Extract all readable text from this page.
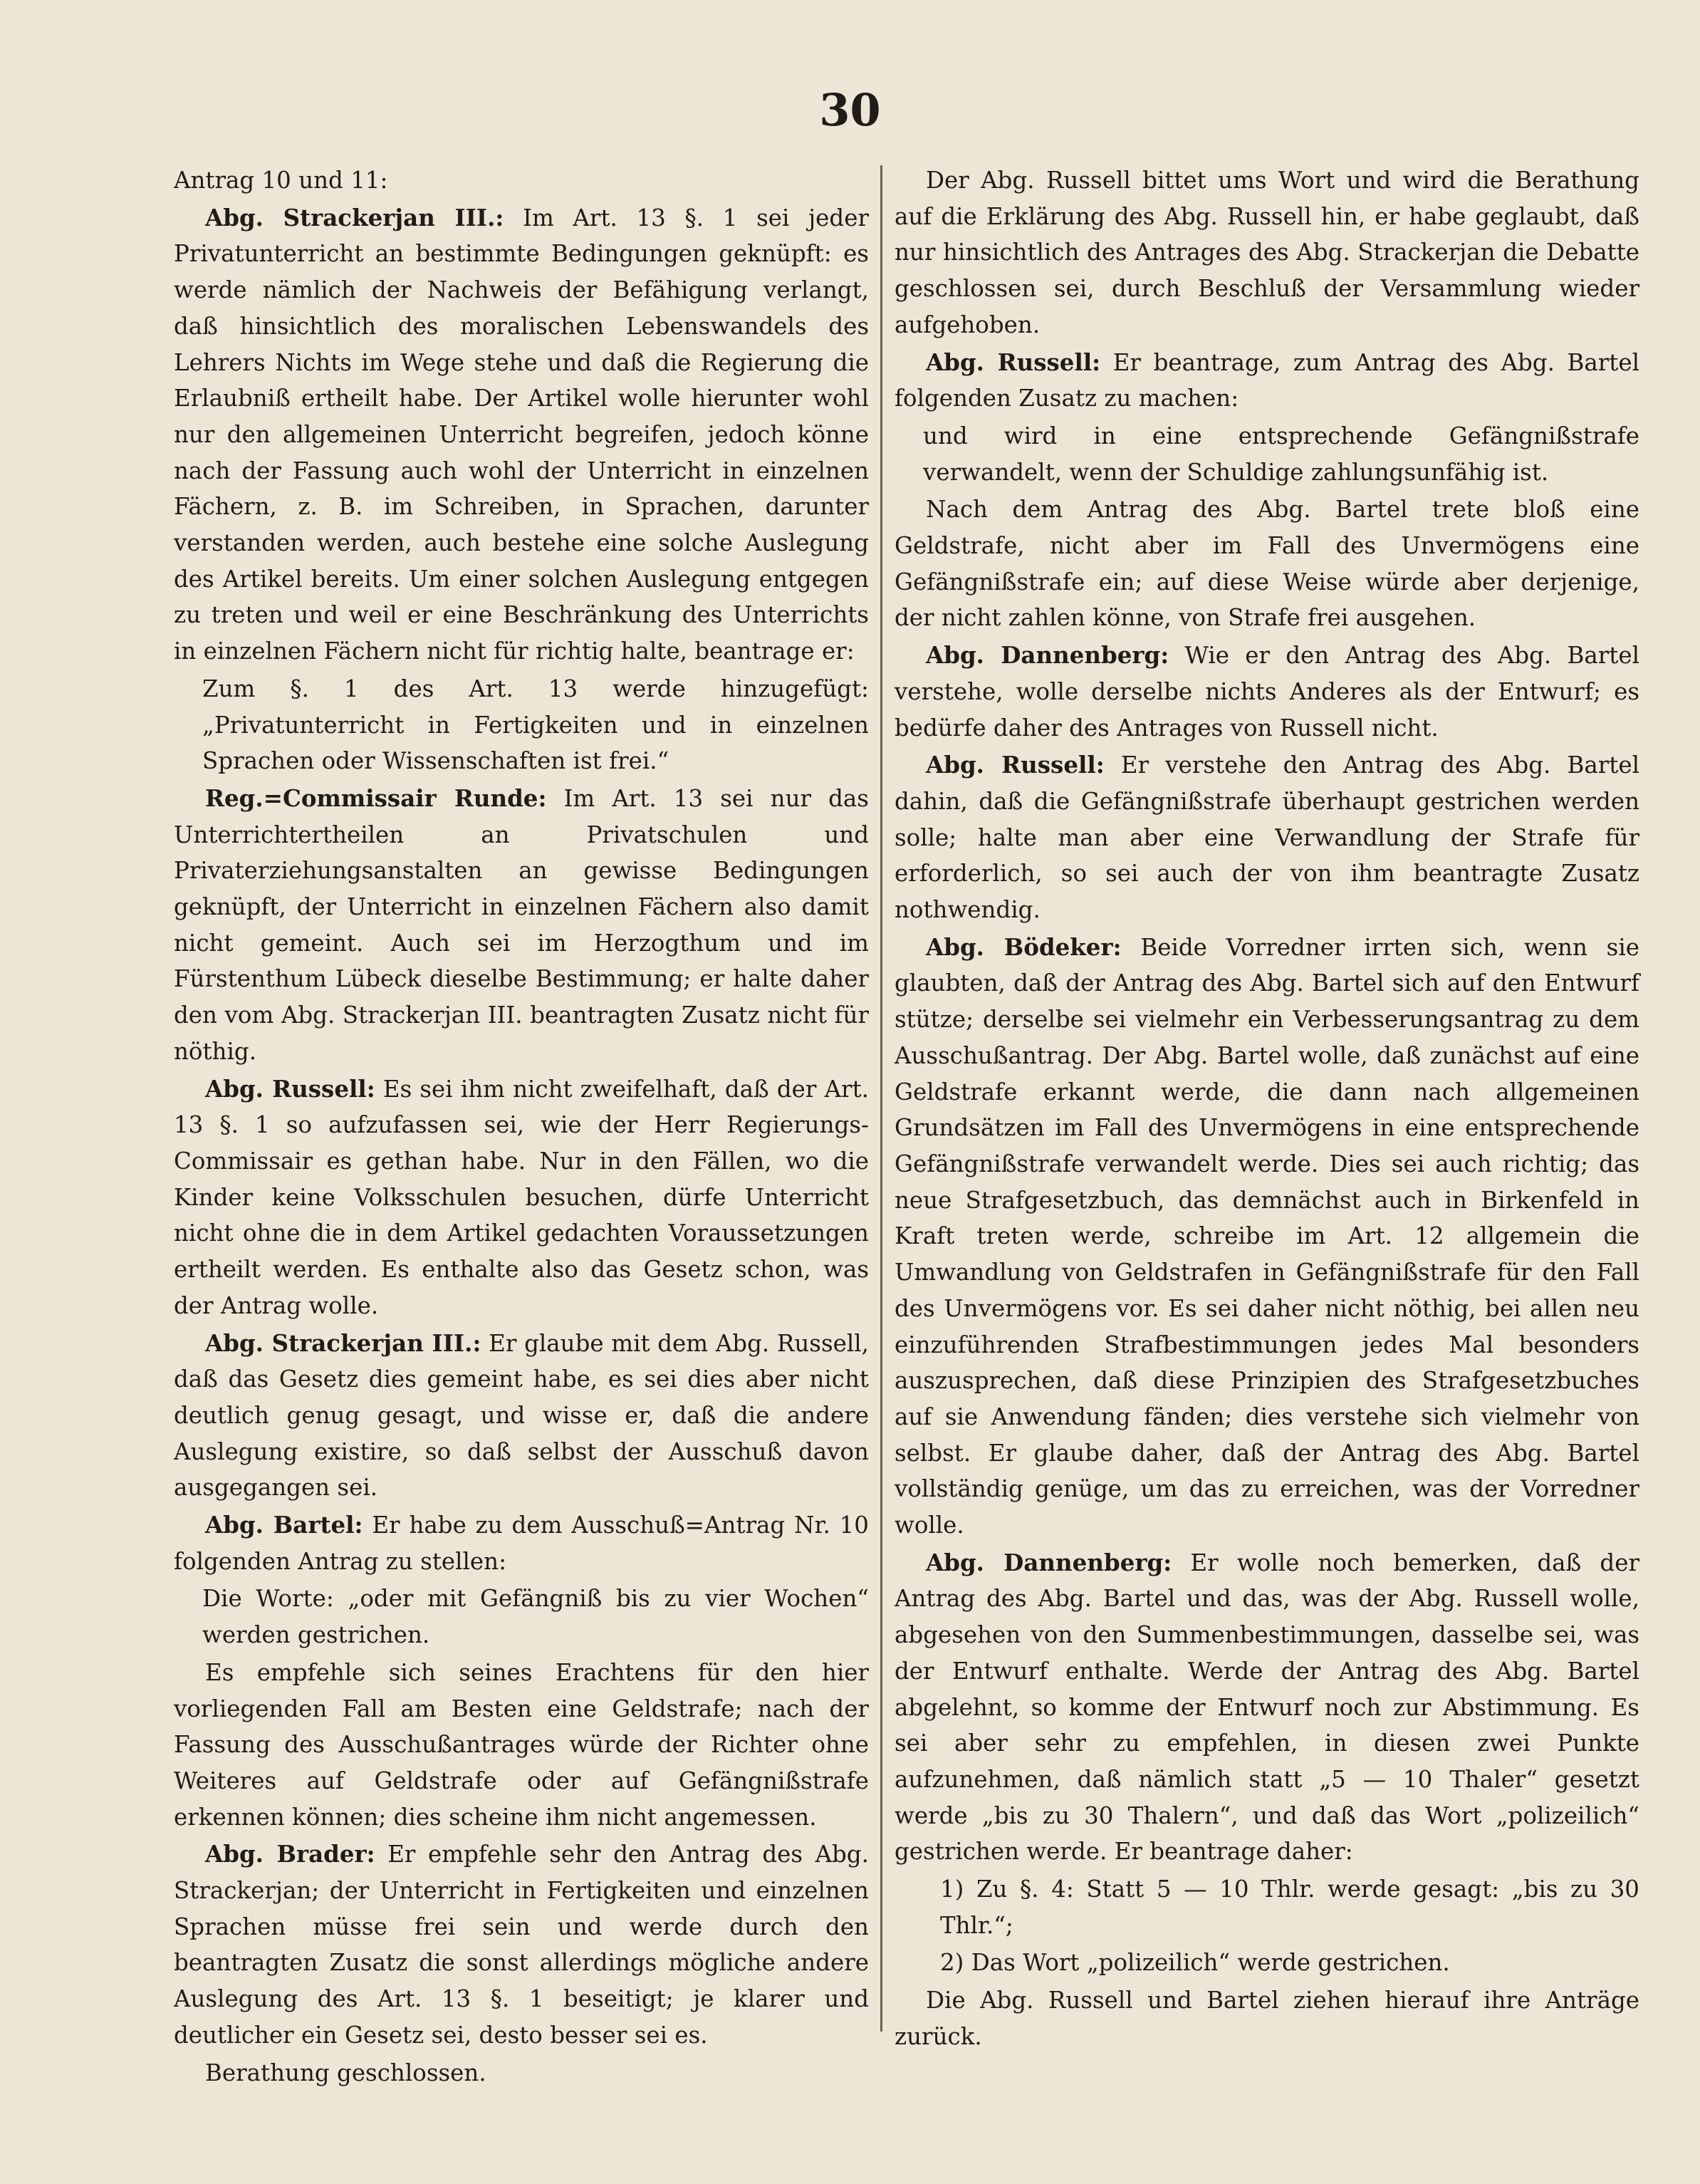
30

Antrag 10 und 11:

Abg. Strackerjan III.: Im Art. 13 §. 1 sei jeder Privatunterricht an bestimmte Bedingungen geknüpft: es werde nämlich der Nachweis der Befähigung verlangt, daß hinsichtlich des moralischen Lebenswandels des Lehrers Nichts im Wege stehe und daß die Regierung die Erlaubniß ertheilt habe. Der Artikel wolle hierunter wohl nur den allgemeinen Unterricht begreifen, jedoch könne nach der Fassung auch wohl der Unterricht in einzelnen Fächern, z. B. im Schreiben, in Sprachen, darunter verstanden werden, auch bestehe eine solche Auslegung des Artikel bereits. Um einer solchen Auslegung entgegen zu treten und weil er eine Beschränkung des Unterrichts in einzelnen Fächern nicht für richtig halte, beantrage er:

Zum §. 1 des Art. 13 werde hinzugefügt: „Privatunterricht in Fertigkeiten und in einzelnen Sprachen oder Wissenschaften ist frei.“

Reg.=Commissair Runde: Im Art. 13 sei nur das Unterrichtertheilen an Privatschulen und Privaterziehungsanstalten an gewisse Bedingungen geknüpft, der Unterricht in einzelnen Fächern also damit nicht gemeint. Auch sei im Herzogthum und im Fürstenthum Lübeck dieselbe Bestimmung; er halte daher den vom Abg. Strackerjan III. beantragten Zusatz nicht für nöthig.

Abg. Russell: Es sei ihm nicht zweifelhaft, daß der Art. 13 §. 1 so aufzufassen sei, wie der Herr Regierungs-Commissair es gethan habe. Nur in den Fällen, wo die Kinder keine Volksschulen besuchen, dürfe Unterricht nicht ohne die in dem Artikel gedachten Voraussetzungen ertheilt werden. Es enthalte also das Gesetz schon, was der Antrag wolle.

Abg. Strackerjan III.: Er glaube mit dem Abg. Russell, daß das Gesetz dies gemeint habe, es sei dies aber nicht deutlich genug gesagt, und wisse er, daß die andere Auslegung existire, so daß selbst der Ausschuß davon ausgegangen sei.

Abg. Bartel: Er habe zu dem Ausschuß=Antrag Nr. 10 folgenden Antrag zu stellen:

Die Worte: „oder mit Gefängniß bis zu vier Wochen“ werden gestrichen.

Es empfehle sich seines Erachtens für den hier vorliegenden Fall am Besten eine Geldstrafe; nach der Fassung des Ausschußantrages würde der Richter ohne Weiteres auf Geldstrafe oder auf Gefängnißstrafe erkennen können; dies scheine ihm nicht angemessen.

Abg. Brader: Er empfehle sehr den Antrag des Abg. Strackerjan; der Unterricht in Fertigkeiten und einzelnen Sprachen müsse frei sein und werde durch den beantragten Zusatz die sonst allerdings mögliche andere Auslegung des Art. 13 §. 1 beseitigt; je klarer und deutlicher ein Gesetz sei, desto besser sei es.

Berathung geschlossen.

Der Abg. Russell bittet ums Wort und wird die Berathung auf die Erklärung des Abg. Russell hin, er habe geglaubt, daß nur hinsichtlich des Antrages des Abg. Strackerjan die Debatte geschlossen sei, durch Beschluß der Versammlung wieder aufgehoben.

Abg. Russell: Er beantrage, zum Antrag des Abg. Bartel folgenden Zusatz zu machen:

und wird in eine entsprechende Gefängnißstrafe verwandelt, wenn der Schuldige zahlungsunfähig ist.

Nach dem Antrag des Abg. Bartel trete bloß eine Geldstrafe, nicht aber im Fall des Unvermögens eine Gefängnißstrafe ein; auf diese Weise würde aber derjenige, der nicht zahlen könne, von Strafe frei ausgehen.

Abg. Dannenberg: Wie er den Antrag des Abg. Bartel verstehe, wolle derselbe nichts Anderes als der Entwurf; es bedürfe daher des Antrages von Russell nicht.

Abg. Russell: Er verstehe den Antrag des Abg. Bartel dahin, daß die Gefängnißstrafe überhaupt gestrichen werden solle; halte man aber eine Verwandlung der Strafe für erforderlich, so sei auch der von ihm beantragte Zusatz nothwendig.

Abg. Bödeker: Beide Vorredner irrten sich, wenn sie glaubten, daß der Antrag des Abg. Bartel sich auf den Entwurf stütze; derselbe sei vielmehr ein Verbesserungsantrag zu dem Ausschußantrag. Der Abg. Bartel wolle, daß zunächst auf eine Geldstrafe erkannt werde, die dann nach allgemeinen Grundsätzen im Fall des Unvermögens in eine entsprechende Gefängnißstrafe verwandelt werde. Dies sei auch richtig; das neue Strafgesetzbuch, das demnächst auch in Birkenfeld in Kraft treten werde, schreibe im Art. 12 allgemein die Umwandlung von Geldstrafen in Gefängnißstrafe für den Fall des Unvermögens vor. Es sei daher nicht nöthig, bei allen neu einzuführenden Strafbestimmungen jedes Mal besonders auszusprechen, daß diese Prinzipien des Strafgesetzbuches auf sie Anwendung fänden; dies verstehe sich vielmehr von selbst. Er glaube daher, daß der Antrag des Abg. Bartel vollständig genüge, um das zu erreichen, was der Vorredner wolle.

Abg. Dannenberg: Er wolle noch bemerken, daß der Antrag des Abg. Bartel und das, was der Abg. Russell wolle, abgesehen von den Summenbestimmungen, dasselbe sei, was der Entwurf enthalte. Werde der Antrag des Abg. Bartel abgelehnt, so komme der Entwurf noch zur Abstimmung. Es sei aber sehr zu empfehlen, in diesen zwei Punkte aufzunehmen, daß nämlich statt „5 — 10 Thaler“ gesetzt werde „bis zu 30 Thalern“, und daß das Wort „polizeilich“ gestrichen werde. Er beantrage daher:

1) Zu §. 4: Statt 5 — 10 Thlr. werde gesagt: „bis zu 30 Thlr.“;

2) Das Wort „polizeilich“ werde gestrichen.

Die Abg. Russell und Bartel ziehen hierauf ihre Anträge zurück.
